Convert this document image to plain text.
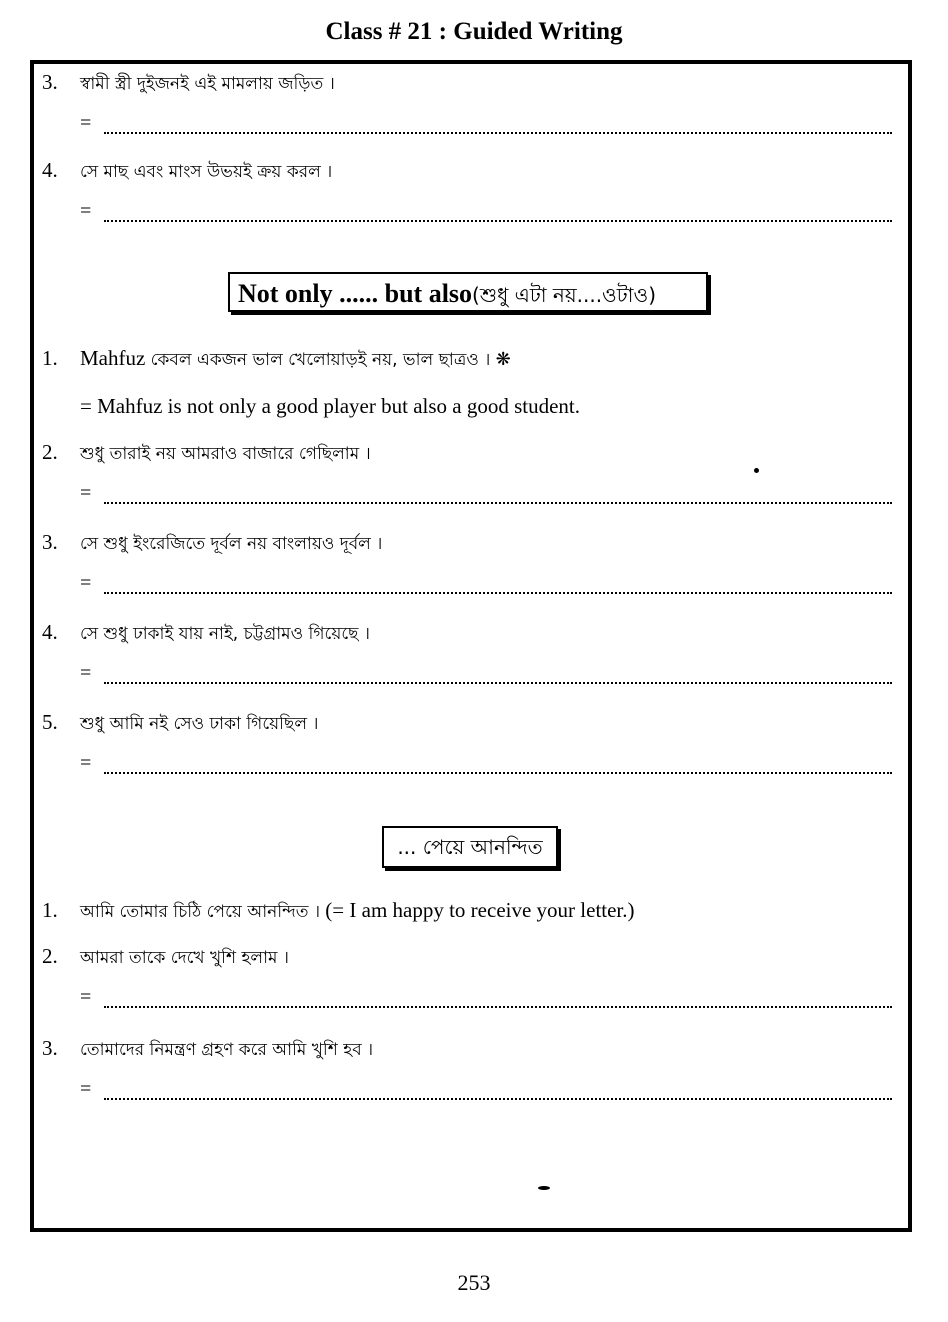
Class # 21 : Guided Writing
3. স্বামী স্ত্রী দুইজনই এই মামলায় জড়িত ।
=
4. সে মাছ এবং মাংস উভয়ই ক্রয় করল ।
=
Not only ...... but also(শুধু এটা নয়....ওটাও)
1. Mahfuz কেবল একজন ভাল খেলোয়াড়ই নয়, ভাল ছাত্রও । ❋
= Mahfuz is not only a good player but also a good student.
2. শুধু তারাই নয় আমরাও বাজারে গেছিলাম ।
=
3. সে শুধু ইংরেজিতে দূর্বল নয় বাংলায়ও দূর্বল ।
=
4. সে শুধু ঢাকাই যায় নাই, চট্টগ্রামও গিয়েছে ।
=
5. শুধু আমি নই সেও ঢাকা গিয়েছিল ।
=
... পেয়ে আনন্দিত
1. আমি তোমার চিঠি পেয়ে আনন্দিত । (= I am happy to receive your letter.)
2. আমরা তাকে দেখে খুশি হলাম ।
=
3. তোমাদের নিমন্ত্রণ গ্রহণ করে আমি খুশি হব ।
=
253
